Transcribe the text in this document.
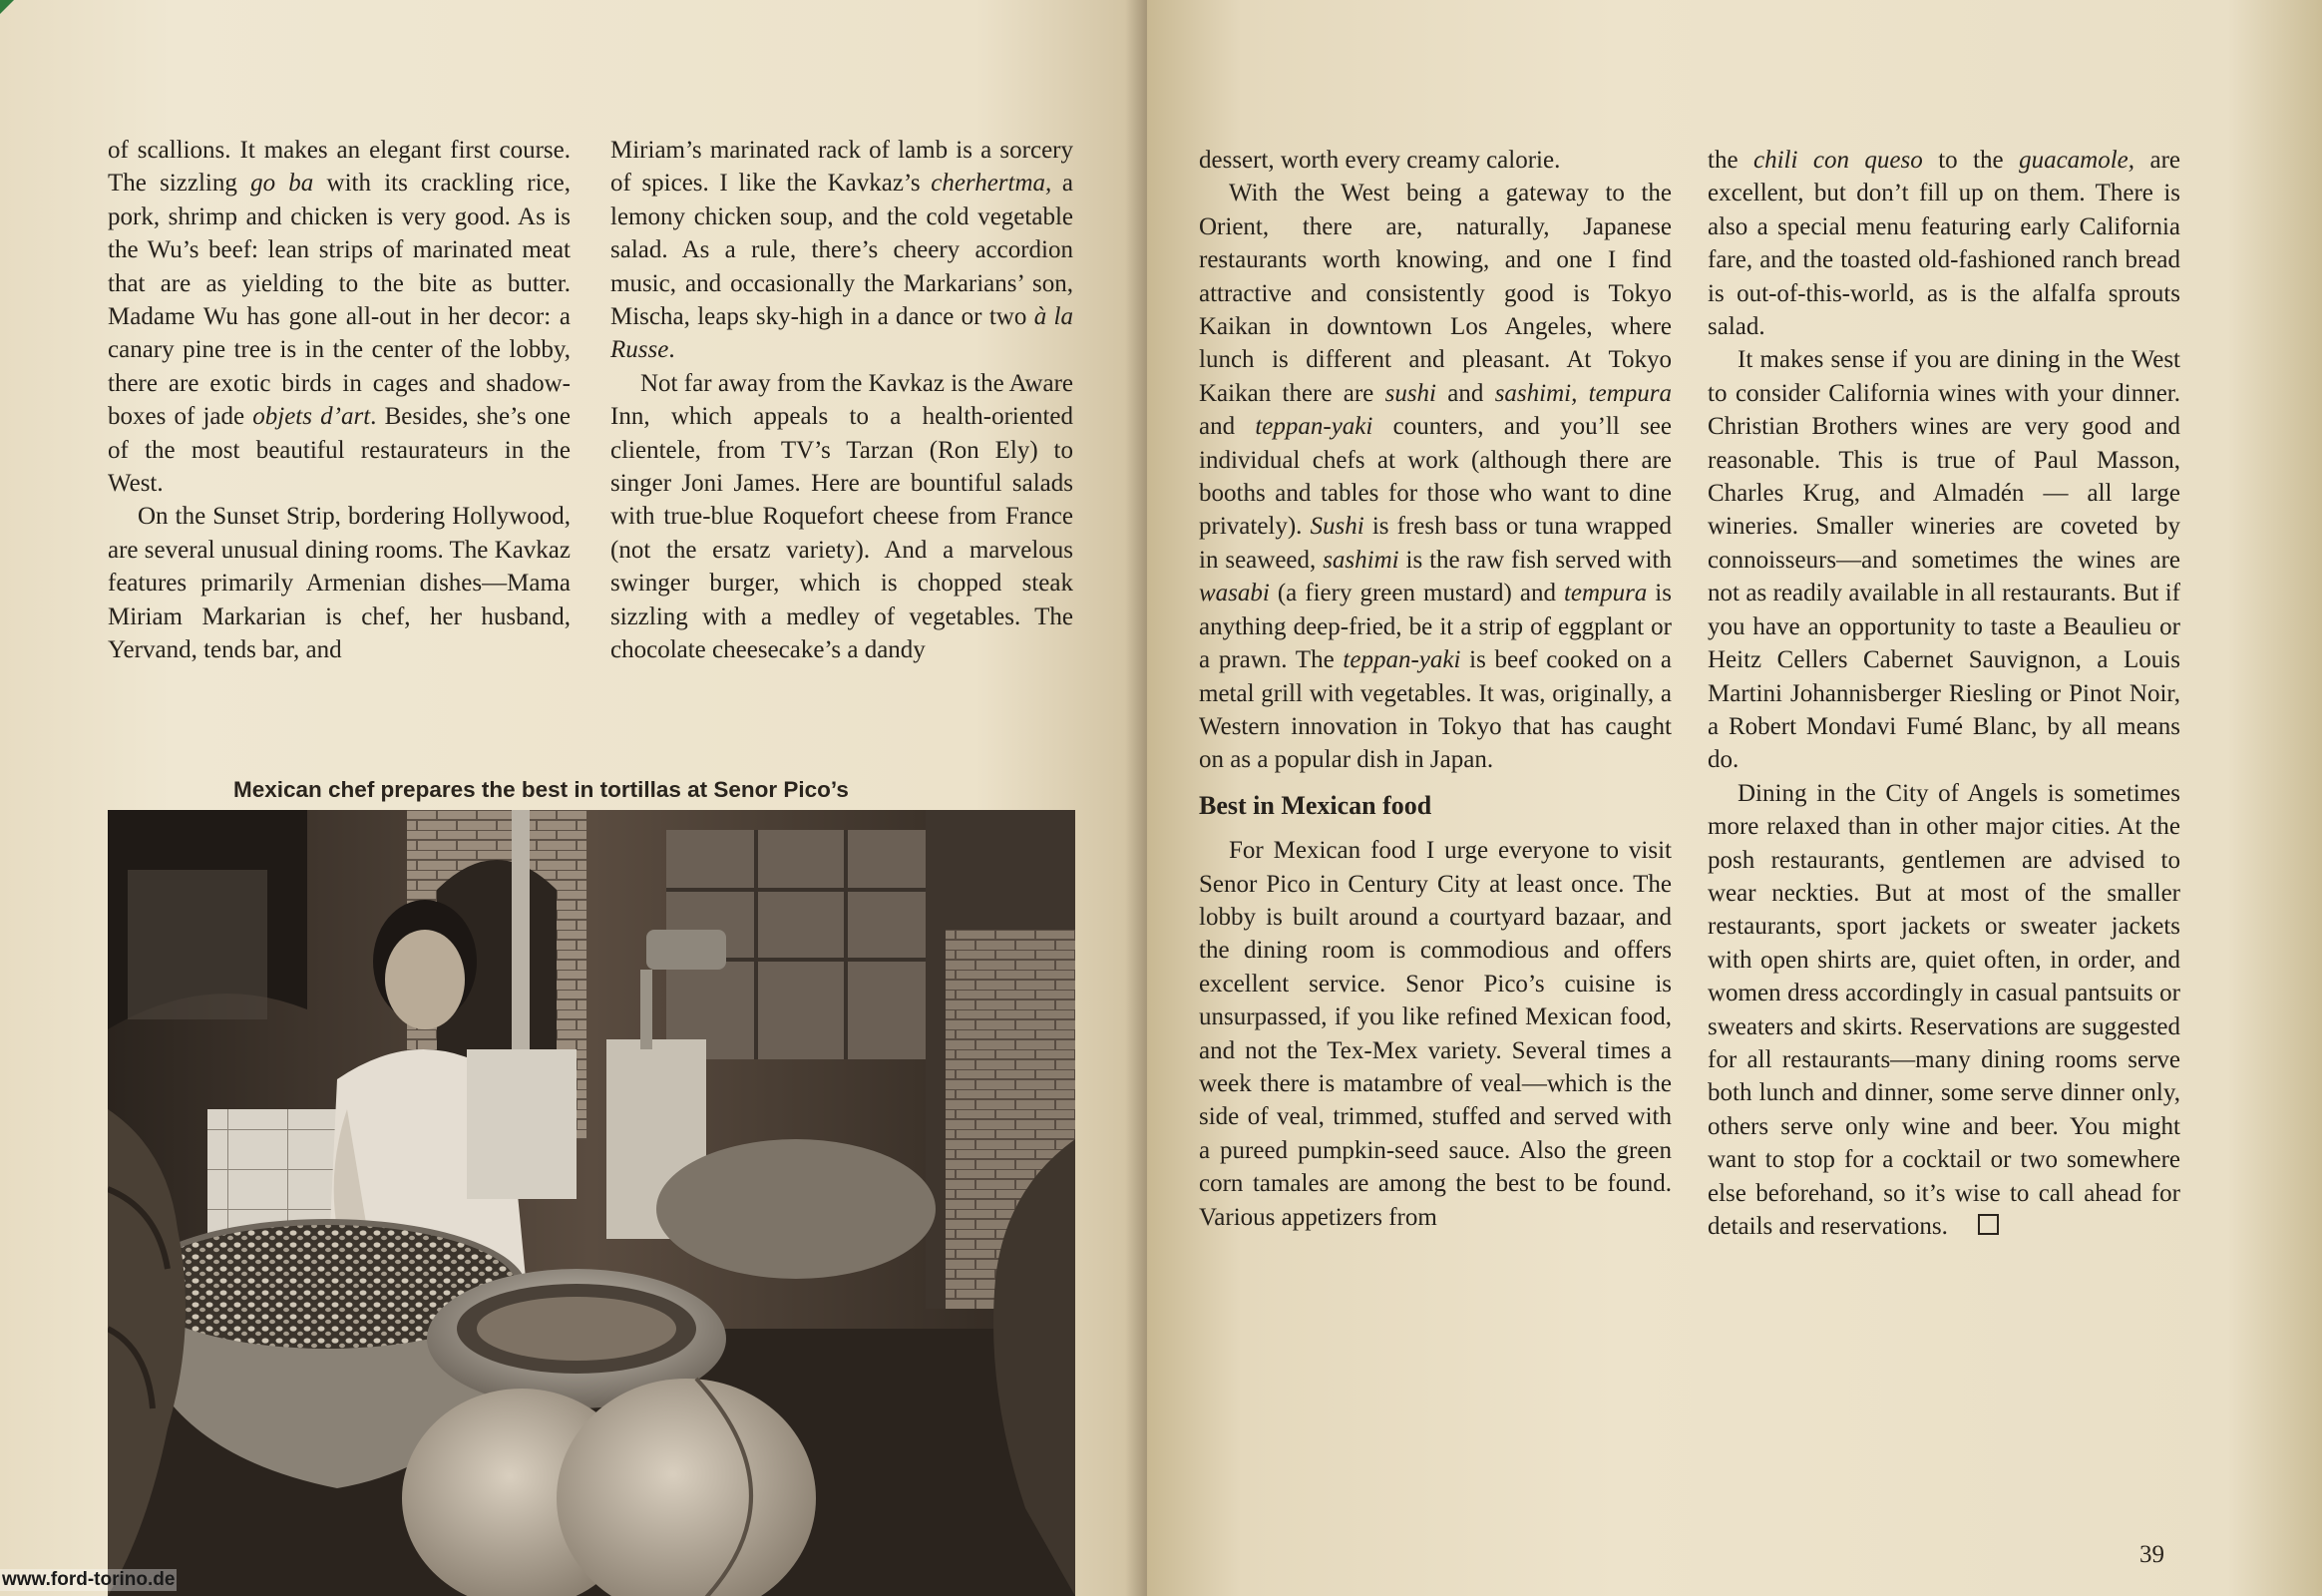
of scallions. It makes an elegant first course. The sizzling go ba with its crackling rice, pork, shrimp and chicken is very good. As is the Wu’s beef: lean strips of marinated meat that are as yielding to the bite as butter. Madame Wu has gone all-out in her decor: a canary pine tree is in the center of the lobby, there are exotic birds in cages and shadow-boxes of jade objets d’art. Besides, she’s one of the most beautiful restaurateurs in the West.

On the Sunset Strip, bordering Hollywood, are several unusual dining rooms. The Kavkaz features primarily Armenian dishes—Mama Miriam Markarian is chef, her husband, Yervand, tends bar, and

Miriam’s marinated rack of lamb is a sorcery of spices. I like the Kavkaz’s cherhertma, a lemony chicken soup, and the cold vegetable salad. As a rule, there’s cheery accordion music, and occasionally the Markarians’ son, Mischa, leaps sky-high in a dance or two à la Russe.

Not far away from the Kavkaz is the Aware Inn, which appeals to a health-oriented clientele, from TV’s Tarzan (Ron Ely) to singer Joni James. Here are bountiful salads with true-blue Roquefort cheese from France (not the ersatz variety). And a marvelous swinger burger, which is chopped steak sizzling with a medley of vegetables. The chocolate cheesecake’s a dandy

Mexican chef prepares the best in tortillas at Senor Pico’s
www.ford-torino.de

dessert, worth every creamy calorie.

With the West being a gateway to the Orient, there are, naturally, Japanese restaurants worth knowing, and one I find attractive and consistently good is Tokyo Kaikan in downtown Los Angeles, where lunch is different and pleasant. At Tokyo Kaikan there are sushi and sashimi, tempura and teppan-yaki counters, and you’ll see individual chefs at work (although there are booths and tables for those who want to dine privately). Sushi is fresh bass or tuna wrapped in seaweed, sashimi is the raw fish served with wasabi (a fiery green mustard) and tempura is anything deep-fried, be it a strip of eggplant or a prawn. The teppan-yaki is beef cooked on a metal grill with vegetables. It was, originally, a Western innovation in Tokyo that has caught on as a popular dish in Japan.

Best in Mexican food

For Mexican food I urge everyone to visit Senor Pico in Century City at least once. The lobby is built around a courtyard bazaar, and the dining room is commodious and offers excellent service. Senor Pico’s cuisine is unsurpassed, if you like refined Mexican food, and not the Tex-Mex variety. Several times a week there is matambre of veal—which is the side of veal, trimmed, stuffed and served with a pureed pumpkin-seed sauce. Also the green corn tamales are among the best to be found. Various appetizers from

the chili con queso to the guacamole, are excellent, but don’t fill up on them. There is also a special menu featuring early California fare, and the toasted old-fashioned ranch bread is out-of-this-world, as is the alfalfa sprouts salad.

It makes sense if you are dining in the West to consider California wines with your dinner. Christian Brothers wines are very good and reasonable. This is true of Paul Masson, Charles Krug, and Almadén — all large wineries. Smaller wineries are coveted by connoisseurs—and sometimes the wines are not as readily available in all restaurants. But if you have an opportunity to taste a Beaulieu or Heitz Cellers Cabernet Sauvignon, a Louis Martini Johannisberger Riesling or Pinot Noir, a Robert Mondavi Fumé Blanc, by all means do.

Dining in the City of Angels is sometimes more relaxed than in other major cities. At the posh restaurants, gentlemen are advised to wear neckties. But at most of the smaller restaurants, sport jackets or sweater jackets with open shirts are, quiet often, in order, and women dress accordingly in casual pantsuits or sweaters and skirts. Reservations are suggested for all restaurants—many dining rooms serve both lunch and dinner, some serve dinner only, others serve only wine and beer. You might want to stop for a cocktail or two somewhere else beforehand, so it’s wise to call ahead for details and reservations.

39
